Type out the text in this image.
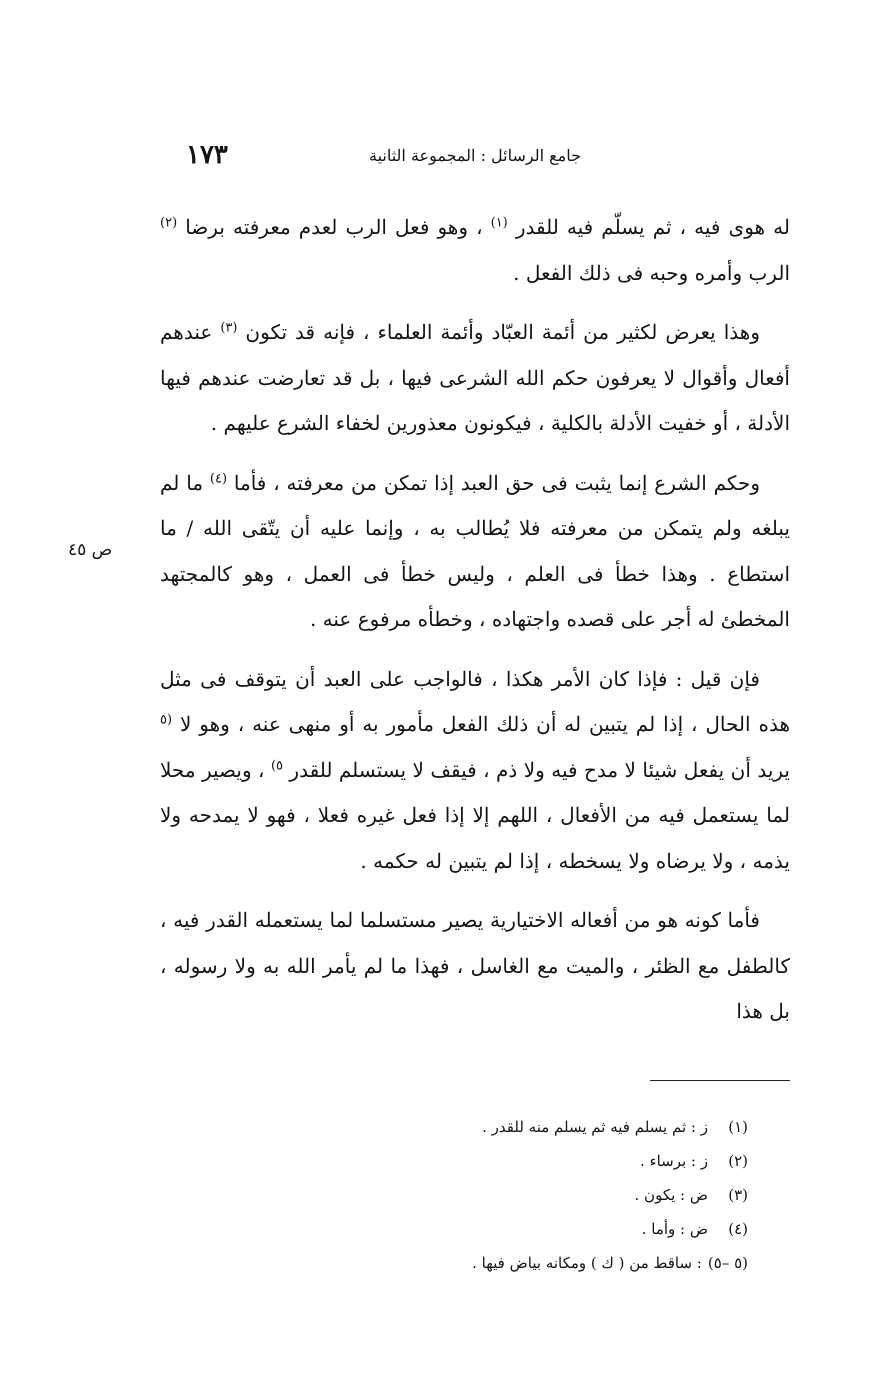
١٧٣	جامع الرسائل : المجموعة الثانية
ص ٤٥

له هوى فيه ، ثم يسلّم فيه للقدر $^{(١)}$ ، وهو فعل الرب لعدم معرفته برضا $^{(٢)}$ الرب وأمره وحبه فى ذلك الفعل .

وهذا يعرض لكثير من أئمة العبّاد وأئمة العلماء ، فإنه قد تكون $^{(٣)}$ عندهم أفعال وأقوال لا يعرفون حكم الله الشرعى فيها ، بل قد تعارضت عندهم فيها الأدلة ، أو خفيت الأدلة بالكلية ، فيكونون معذورين لخفاء الشرع عليهم .

وحكم الشرع إنما يثبت فى حق العبد إذا تمكن من معرفته ، فأما $^{(٤)}$ ما لم يبلغه ولم يتمكن من معرفته فلا يُطالب به ، وإنما عليه أن يتّقى الله / ما استطاع . وهذا خطأ فى العلم ، وليس خطأ فى العمل ، وهو كالمجتهد المخطئ له أجر على قصده واجتهاده ، وخطأه مرفوع عنه .

فإن قيل : فإذا كان الأمر هكذا ، فالواجب على العبد أن يتوقف فى مثل هذه الحال ، إذا لم يتبين له أن ذلك الفعل مأمور به أو منهى عنه ، وهو لا $^{(٥}$ يريد أن يفعل شيئا لا مدح فيه ولا ذم ، فيقف لا يستسلم للقدر $^{٥)}$ ، ويصير محلا لما يستعمل فيه من الأفعال ، اللهم إلا إذا فعل غيره فعلا ، فهو لا يمدحه ولا يذمه ، ولا يرضاه ولا يسخطه ، إذا لم يتبين له حكمه .

فأما كونه هو من أفعاله الاختيارية يصير مستسلما لما يستعمله القدر فيه ، كالطفل مع الظئر ، والميت مع الغاسل ، فهذا ما لم يأمر الله به ولا رسوله ، بل هذا

(١)ز : ثم يسلم فيه ثم يسلم منه للقدر .

(٢)ز : برساء .

(٣)ض : يكون .

(٤)ض : وأما .

(٥ –٥): ساقط من ( ك ) ومكانه بياض فيها .
